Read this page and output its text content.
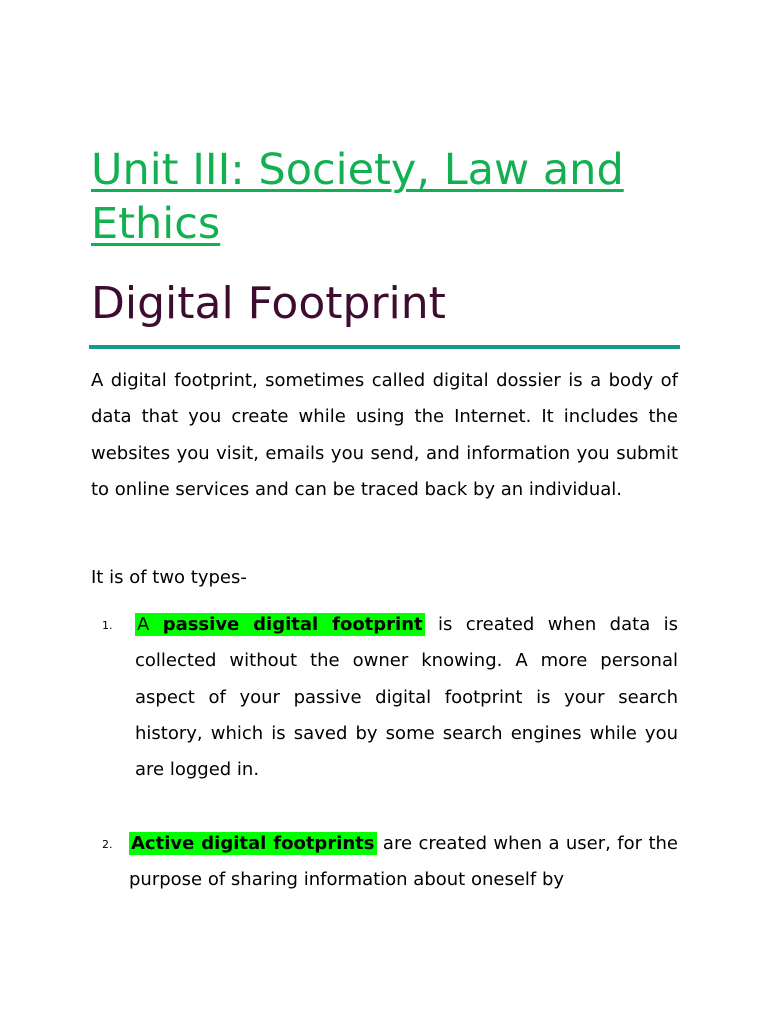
Unit III: Society, Law and Ethics
Digital Footprint

A digital footprint, sometimes called digital dossier is a body of data that you create while using the Internet. It includes the websites you visit, emails you send, and information you submit to online services and can be traced back by an individual.

It is of two types-

1. A passive digital footprint is created when data is collected without the owner knowing. A more personal aspect of your passive digital footprint is your search history, which is saved by some search engines while you are logged in.

2. Active digital footprints are created when a user, for the purpose of sharing information about oneself by
